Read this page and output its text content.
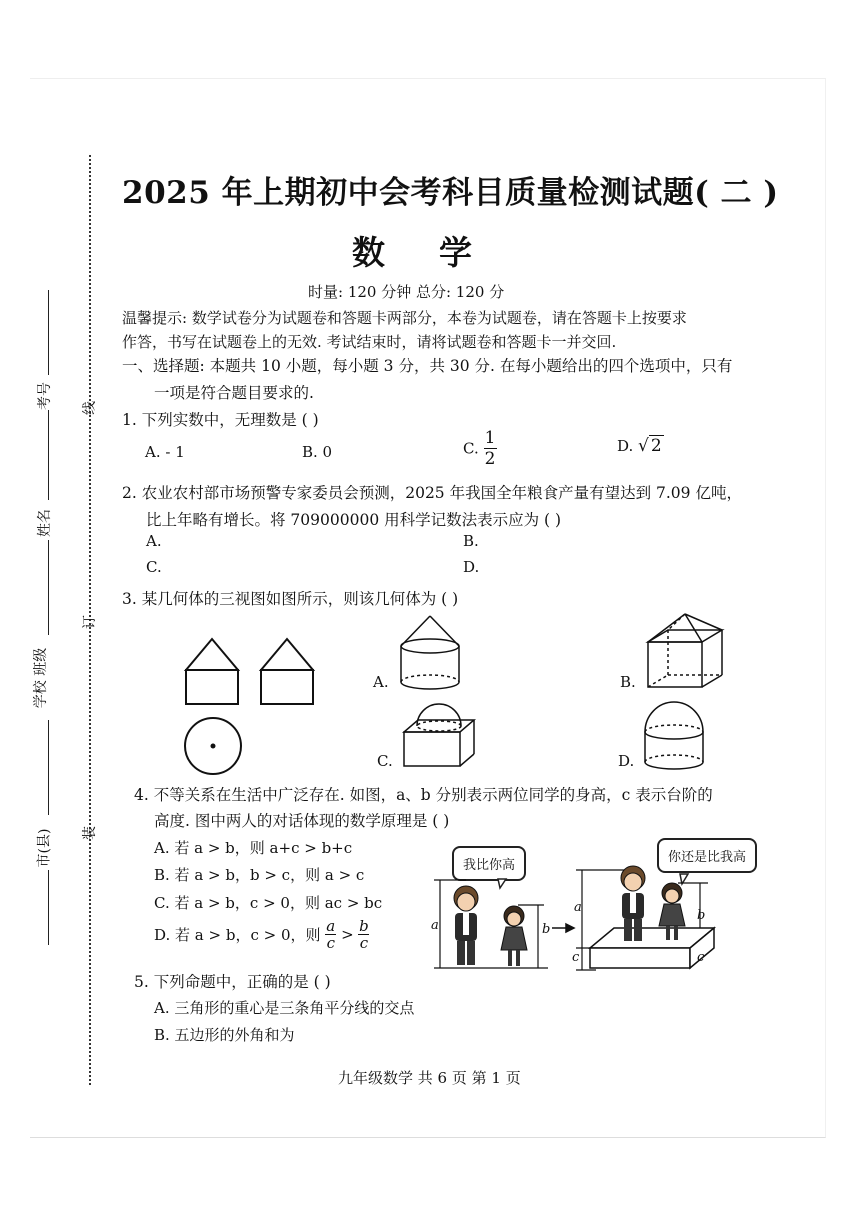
考号
姓名
学校 班级
市(县)
线
订
装
2025 年上期初中会考科目质量检测试题( 二 )
数学
时量: 120 分钟 总分: 120 分
温馨提示: 数学试卷分为试题卷和答题卡两部分，本卷为试题卷，请在答题卡上按要求
作答，书写在试题卷上的无效. 考试结束时，请将试题卷和答题卡一并交回.
一、选择题: 本题共 10 小题，每小题 3 分，共 30 分. 在每小题给出的四个选项中，只有
一项是符合题目要求的.
1. 下列实数中，无理数是 ( )
A. - 1	B. 0	C. $\frac{1}{2}$	D. √ 2
2. 农业农村部市场预警专家委员会预测，2025 年我国全年粮食产量有望达到 7.09 亿吨，
比上年略有增长。将 709000000 用科学记数法表示应为 ( )
A.	B.
C.	D.
3. 某几何体的三视图如图所示，则该几何体为 ( )
A.	B.
C.	D.
4. 不等关系在生活中广泛存在. 如图，a、b 分别表示两位同学的身高，c 表示台阶的
高度. 图中两人的对话体现的数学原理是 ( )
A. 若 a > b，则 a+c > b+c
B. 若 a > b，b > c，则 a > c
C. 若 a > b，c > 0，则 ac > bc
D. 若 a > b，c > 0，则 $\frac{a}{c} > \frac{b}{c}$
我比你高
你还是比我高
a	b
a
c
b
c
5. 下列命题中，正确的是 ( )
A. 三角形的重心是三条角平分线的交点
B. 五边形的外角和为
九年级数学 共 6 页 第 1 页
